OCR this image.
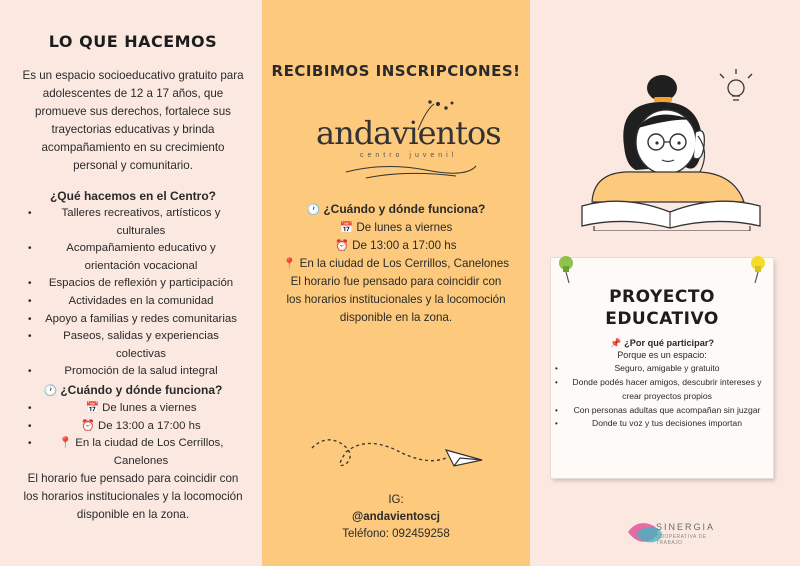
LO QUE HACEMOS

Es un espacio socioeducativo gratuito para adolescentes de 12 a 17 años, que promueve sus derechos, fortalece sus trayectorias educativas y brinda acompañamiento en su crecimiento personal y comunitario.

¿Qué hacemos en el Centro?
• Talleres recreativos, artísticos y culturales
• Acompañamiento educativo y orientación vocacional
• Espacios de reflexión y participación
• Actividades en la comunidad
• Apoyo a familias y redes comunitarias
• Paseos, salidas y experiencias colectivas
• Promoción de la salud integral
🕐 ¿Cuándo y dónde funciona?
• 📅 De lunes a viernes
• ⏰ De 13:00 a 17:00 hs
• 📍 En la ciudad de Los Cerrillos, Canelones

El horario fue pensado para coincidir con los horarios institucionales y la locomoción disponible en la zona.

RECIBIMOS INSCRIPCIONES!
andavientos
centro juvenil
🕐 ¿Cuándo y dónde funciona?
📅 De lunes a viernes
⏰ De 13:00 a 17:00 hs
📍 En la ciudad de Los Cerrillos, Canelones
El horario fue pensado para coincidir con los horarios institucionales y la locomoción disponible en la zona.
IG:
@andavientoscj
Teléfono: 092459258
PROYECTO
EDUCATIVO
📌 ¿Por qué participar?
Porque es un espacio:
• Seguro, amigable y gratuito
• Donde podés hacer amigos, descubrir intereses y crear proyectos propios
• Con personas adultas que acompañan sin juzgar
• Donde tu voz y tus decisiones importan
SINERGIA
COOPERATIVA DE TRABAJO
